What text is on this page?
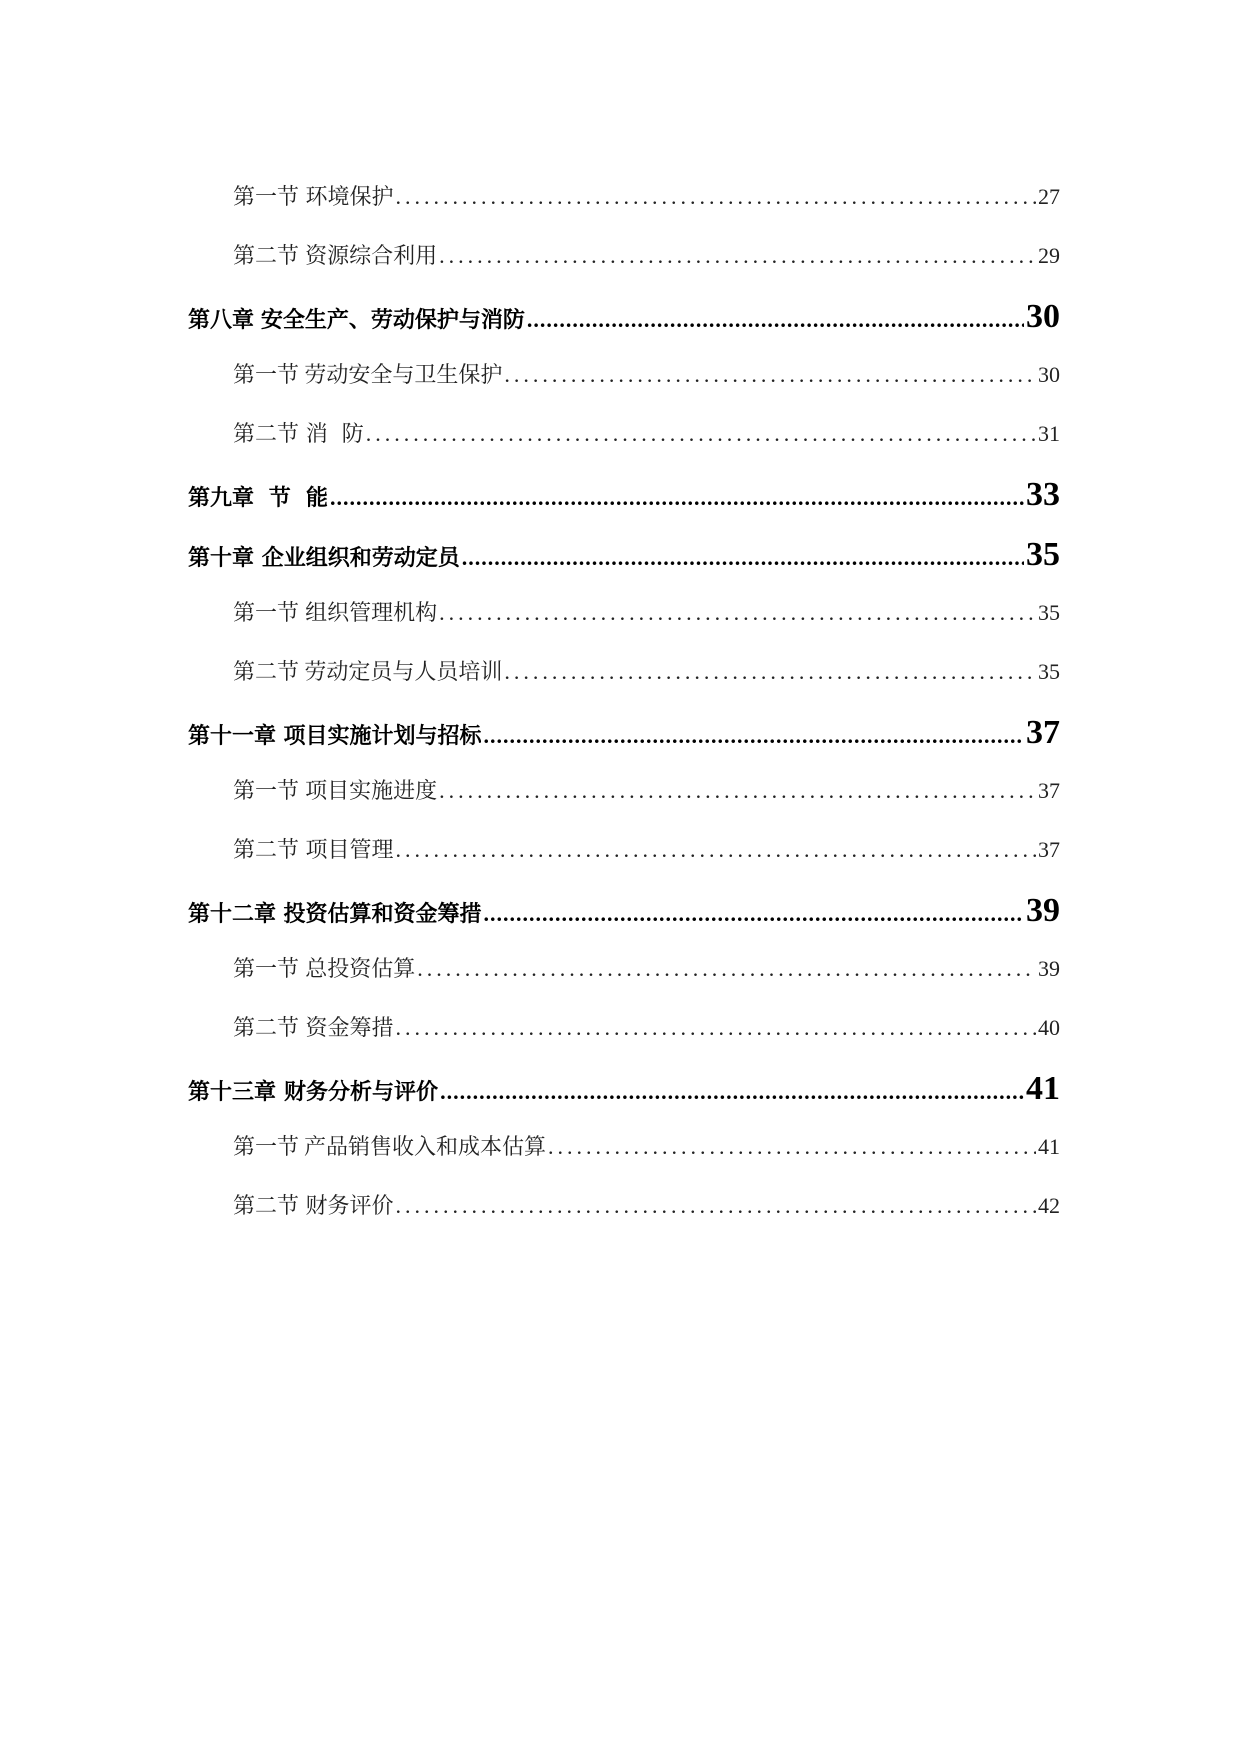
第一节 环境保护 .....	27
第二节 资源综合利用 .....	29
第八章 安全生产、劳动保护与消防 .....	30
第一节 劳动安全与卫生保护 .....	30
第二节 消  防 .....	31
第九章 节  能 .....	33
第十章 企业组织和劳动定员 .....	35
第一节 组织管理机构 .....	35
第二节 劳动定员与人员培训 .....	35
第十一章 项目实施计划与招标 .....	37
第一节 项目实施进度 .....	37
第二节 项目管理 .....	37
第十二章 投资估算和资金筹措 .....	39
第一节 总投资估算 .....	39
第二节 资金筹措 .....	40
第十三章 财务分析与评价 .....	41
第一节 产品销售收入和成本估算 .....	41
第二节 财务评价 .....	42
